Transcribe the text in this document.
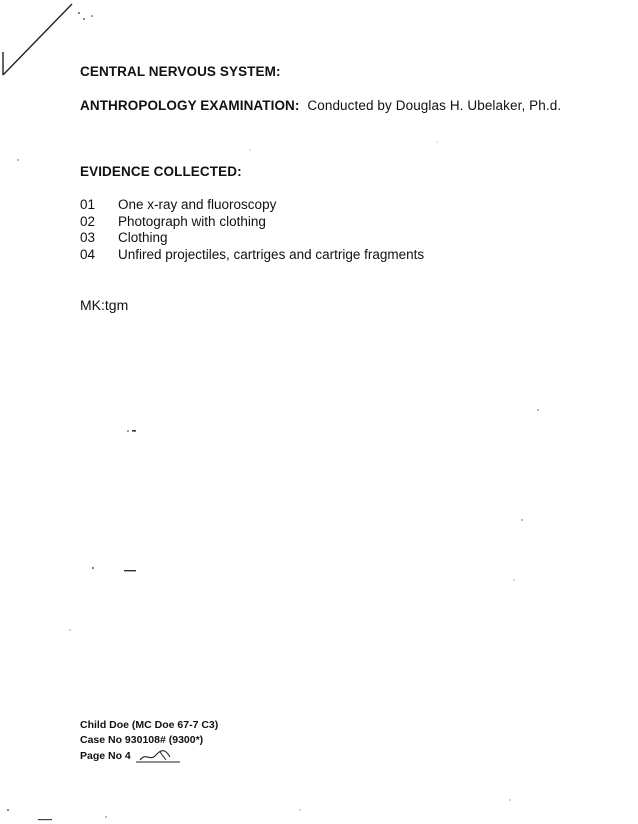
CENTRAL NERVOUS SYSTEM:
ANTHROPOLOGY EXAMINATION: Conducted by Douglas H. Ubelaker, Ph.d.
EVIDENCE COLLECTED:
01 One x-ray and fluoroscopy
02 Photograph with clothing
03 Clothing
04 Unfired projectiles, cartriges and cartrige fragments
MK:tgm
Child Doe (MC Doe 67-7 C3)
Case No 930108# (9300*)
Page No 4
